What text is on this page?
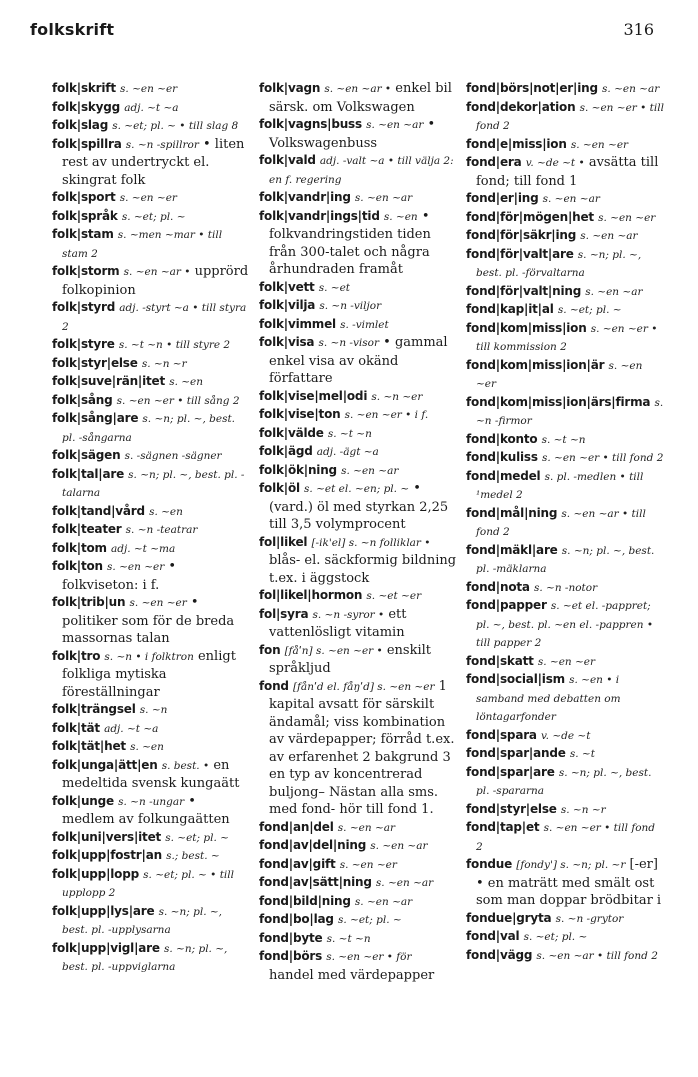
folkskrift	316

folk|skrift s. ~en ~er

folk|skygg adj. ~t ~a

folk|slag s. ~et; pl. ~ • till slag 8

folk|spillra s. ~n -spillror • liten rest av undertryckt el. skingrat folk

folk|sport s. ~en ~er

folk|språk s. ~et; pl. ~

folk|stam s. ~men ~mar • till stam 2

folk|storm s. ~en ~ar • upprörd folkopinion

folk|styrd adj. -styrt ~a • till styra 2

folk|styre s. ~t ~n • till styre 2

folk|styr|else s. ~n ~r

folk|suve|rän|itet s. ~en

folk|sång s. ~en ~er • till sång 2

folk|sång|are s. ~n; pl. ~, best. pl. -sångarna

folk|sägen s. -sägnen -sägner

folk|tal|are s. ~n; pl. ~, best. pl. -talarna

folk|tand|vård s. ~en

folk|teater s. ~n -teatrar

folk|tom adj. ~t ~ma

folk|ton s. ~en ~er • folkviseton: i f.

folk|trib|un s. ~en ~er • politiker som för de breda massornas talan

folk|tro s. ~n • i folktron enligt folkliga mytiska föreställningar

folk|trängsel s. ~n

folk|tät adj. ~t ~a

folk|tät|het s. ~en

folk|unga|ätt|en s. best. • en medeltida svensk kungaätt

folk|unge s. ~n -ungar • medlem av folkungaätten

folk|uni|vers|itet s. ~et; pl. ~

folk|upp|fostr|an s.; best. ~

folk|upp|lopp s. ~et; pl. ~ • till upplopp 2

folk|upp|lys|are s. ~n; pl. ~, best. pl. -upplysarna

folk|upp|vigl|are s. ~n; pl. ~, best. pl. -uppviglarna

folk|vagn s. ~en ~ar • enkel bil särsk. om Volkswagen

folk|vagns|buss s. ~en ~ar • Volkswagenbuss

folk|vald adj. -valt ~a • till välja 2: en f. regering

folk|vandr|ing s. ~en ~ar

folk|vandr|ings|tid s. ~en • folkvandringstiden tiden från 300-talet och några århundraden framåt

folk|vett s. ~et

folk|vilja s. ~n -viljor

folk|vimmel s. -vimlet

folk|visa s. ~n -visor • gammal enkel visa av okänd författare

folk|vise|mel|odi s. ~n ~er

folk|vise|ton s. ~en ~er • i f.

folk|välde s. ~t ~n

folk|ägd adj. -ägt ~a

folk|ök|ning s. ~en ~ar

folk|öl s. ~et el. ~en; pl. ~ • (vard.) öl med styrkan 2,25 till 3,5 volymprocent

fol|likel [-ik'el] s. ~n folliklar • blås- el. säckformig bildning t.ex. i äggstock

fol|likel|hormon s. ~et ~er

fol|syra s. ~n -syror • ett vattenlösligt vitamin

fon [fåˈn] s. ~en ~er • enskilt språkljud

fond [fånˈd el. fåŋˈd] s. ~en ~er 1 kapital avsatt för särskilt ändamål; viss kombination av värdepapper; förråd t.ex. av erfarenhet 2 bakgrund 3 en typ av koncentrerad buljong– Nästan alla sms. med fond- hör till fond 1.

fond|an|del s. ~en ~ar

fond|av|del|ning s. ~en ~ar

fond|av|gift s. ~en ~er

fond|av|sätt|ning s. ~en ~ar

fond|bild|ning s. ~en ~ar

fond|bo|lag s. ~et; pl. ~

fond|byte s. ~t ~n

fond|börs s. ~en ~er • för handel med värdepapper

fond|börs|not|er|ing s. ~en ~ar

fond|dekor|ation s. ~en ~er • till fond 2

fond|e|miss|ion s. ~en ~er

fond|era v. ~de ~t • avsätta till fond; till fond 1

fond|er|ing s. ~en ~ar

fond|för|mögen|het s. ~en ~er

fond|för|säkr|ing s. ~en ~ar

fond|för|valt|are s. ~n; pl. ~, best. pl. -förvaltarna

fond|för|valt|ning s. ~en ~ar

fond|kap|it|al s. ~et; pl. ~

fond|kom|miss|ion s. ~en ~er • till kommission 2

fond|kom|miss|ion|är s. ~en ~er

fond|kom|miss|ion|ärs|firma s. ~n -firmor

fond|konto s. ~t ~n

fond|kuliss s. ~en ~er • till fond 2

fond|medel s. pl. -medlen • till ¹medel 2

fond|mål|ning s. ~en ~ar • till fond 2

fond|mäkl|are s. ~n; pl. ~, best. pl. -mäklarna

fond|nota s. ~n -notor

fond|papper s. ~et el. -pappret; pl. ~, best. pl. ~en el. -pappren • till papper 2

fond|skatt s. ~en ~er

fond|social|ism s. ~en • i samband med debatten om löntagarfonder

fond|spara v. ~de ~t

fond|spar|ande s. ~t

fond|spar|are s. ~n; pl. ~, best. pl. -spararna

fond|styr|else s. ~n ~r

fond|tap|et s. ~en ~er • till fond 2

fondue [fondy'] s. ~n; pl. ~r [-er] • en maträtt med smält ost som man doppar brödbitar i

fondue|gryta s. ~n -grytor

fond|val s. ~et; pl. ~

fond|vägg s. ~en ~ar • till fond 2
